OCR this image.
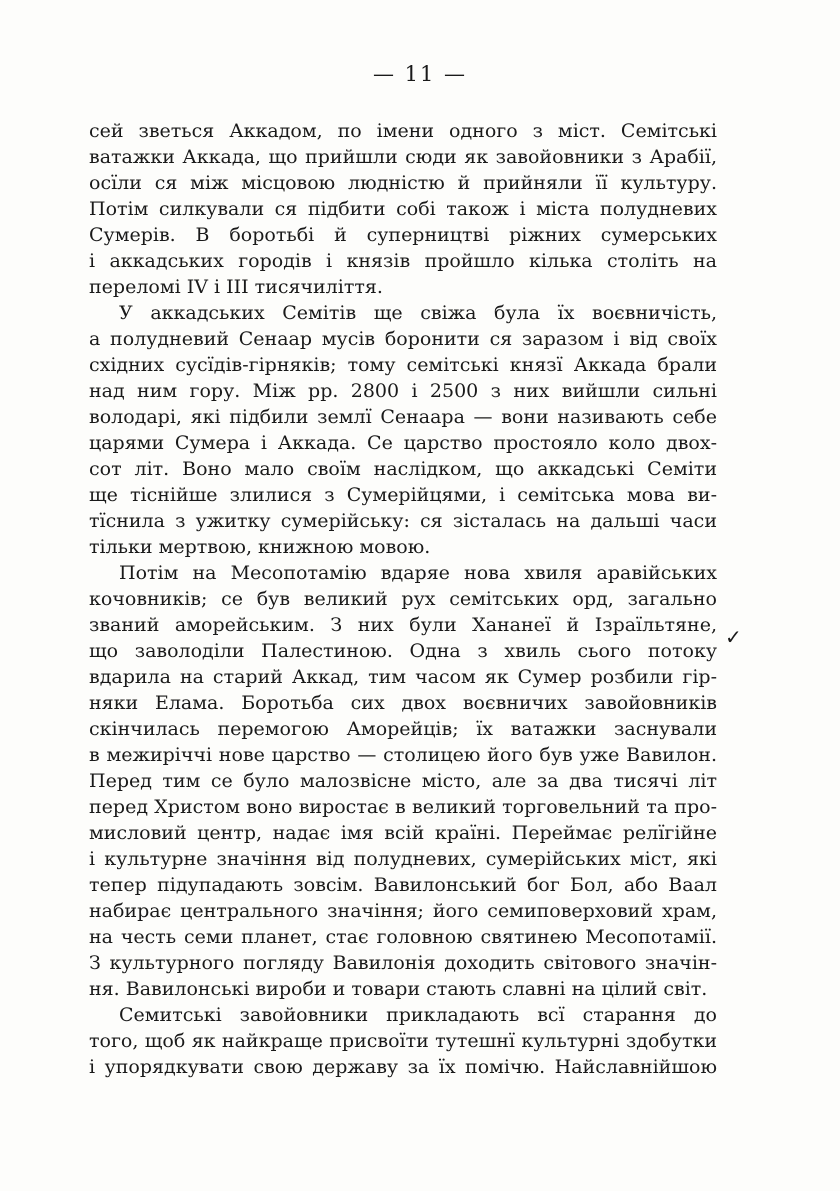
— 11 —
сей зветься Аккадом, по імени одного з міст. Семітські
ватажки Аккада, що прийшли сюди як завойовники з Арабії,
осїли ся між місцовою людністю й прийняли її культуру.
Потім силкували ся підбити собі також і міста полудневих
Сумерів. В боротьбі й суперництві ріжних сумерських
і аккадських городів і князів пройшло кілька століть на
переломі IV і III тисячиліття.
У аккадських Семітів ще свіжа була їх воєвничість,
а полудневий Сенаар мусів боронити ся заразом і від своїх
східних сусїдів-гірняків; тому семітські князї Аккада брали
над ним гору. Між рр. 2800 і 2500 з них вийшли сильні
володарі, які підбили землї Сенаара — вони називають себе
царями Сумера і Аккада. Се царство простояло коло двох-
сот літ. Воно мало своїм наслідком, що аккадські Семіти
ще тіснійше злилися з Сумерійцями, і семітська мова ви-
тїснила з ужитку сумерійську: ся зісталась на дальші часи
тільки мертвою, книжною мовою.
Потім на Месопотамію вдаряе нова хвиля аравійських
кочовників; се був великий рух семітських орд, загально
званий аморейським. З них були Хананеї й Ізраїльтяне,
що заволоділи Палестиною. Одна з хвиль сього потоку
вдарила на старий Аккад, тим часом як Сумер розбили гір-
няки Елама. Боротьба сих двох воєвничих завойовників
скінчилась перемогою Аморейців; їх ватажки заснували
в межиріччі нове царство — столицею його був уже Вавилон.
Перед тим се було малозвісне місто, але за два тисячі літ
перед Христом воно виростає в великий торговельний та про-
мисловий центр, надає імя всій країні. Переймає релїгійне
і культурне значіння від полудневих, сумерійських міст, які
тепер підупадають зовсім. Вавилонський бог Бол, або Ваал
набирає центрального значіння; його семиповерховий храм,
на честь семи планет, стає головною святинею Месопотамії.
З культурного погляду Вавилонія доходить світового значін-
ня. Вавилонські вироби и товари стають славні на цілий світ.
Семитські завойовники прикладають всї старання до
того, щоб як найкраще присвоїти тутешнї культурні здобутки
і упорядкувати свою державу за їх помічю. Найславнійшою
✓
